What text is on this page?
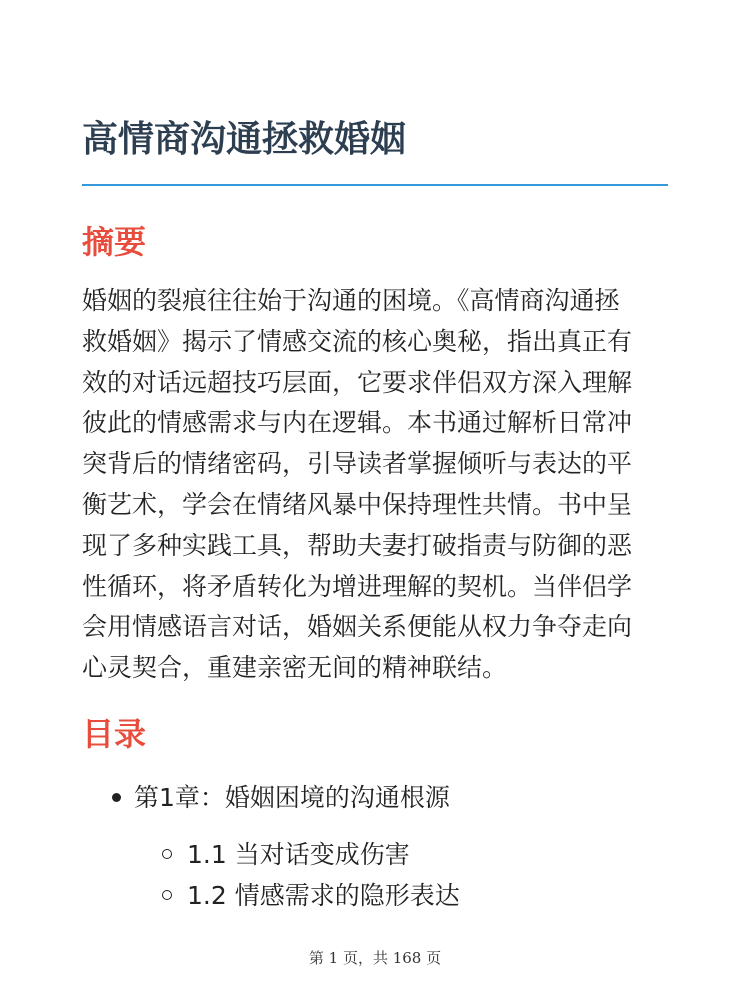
高情商沟通拯救婚姻
摘要

婚姻的裂痕往往始于沟通的困境。《高情商沟通拯
救婚姻》揭示了情感交流的核心奥秘，指出真正有
效的对话远超技巧层面，它要求伴侣双方深入理解
彼此的情感需求与内在逻辑。本书通过解析日常冲
突背后的情绪密码，引导读者掌握倾听与表达的平
衡艺术，学会在情绪风暴中保持理性共情。书中呈
现了多种实践工具，帮助夫妻打破指责与防御的恶
性循环，将矛盾转化为增进理解的契机。当伴侣学
会用情感语言对话，婚姻关系便能从权力争夺走向
心灵契合，重建亲密无间的精神联结。

目录
第1章：婚姻困境的沟通根源
1.1 当对话变成伤害
1.2 情感需求的隐形表达
第 1 页，共 168 页
